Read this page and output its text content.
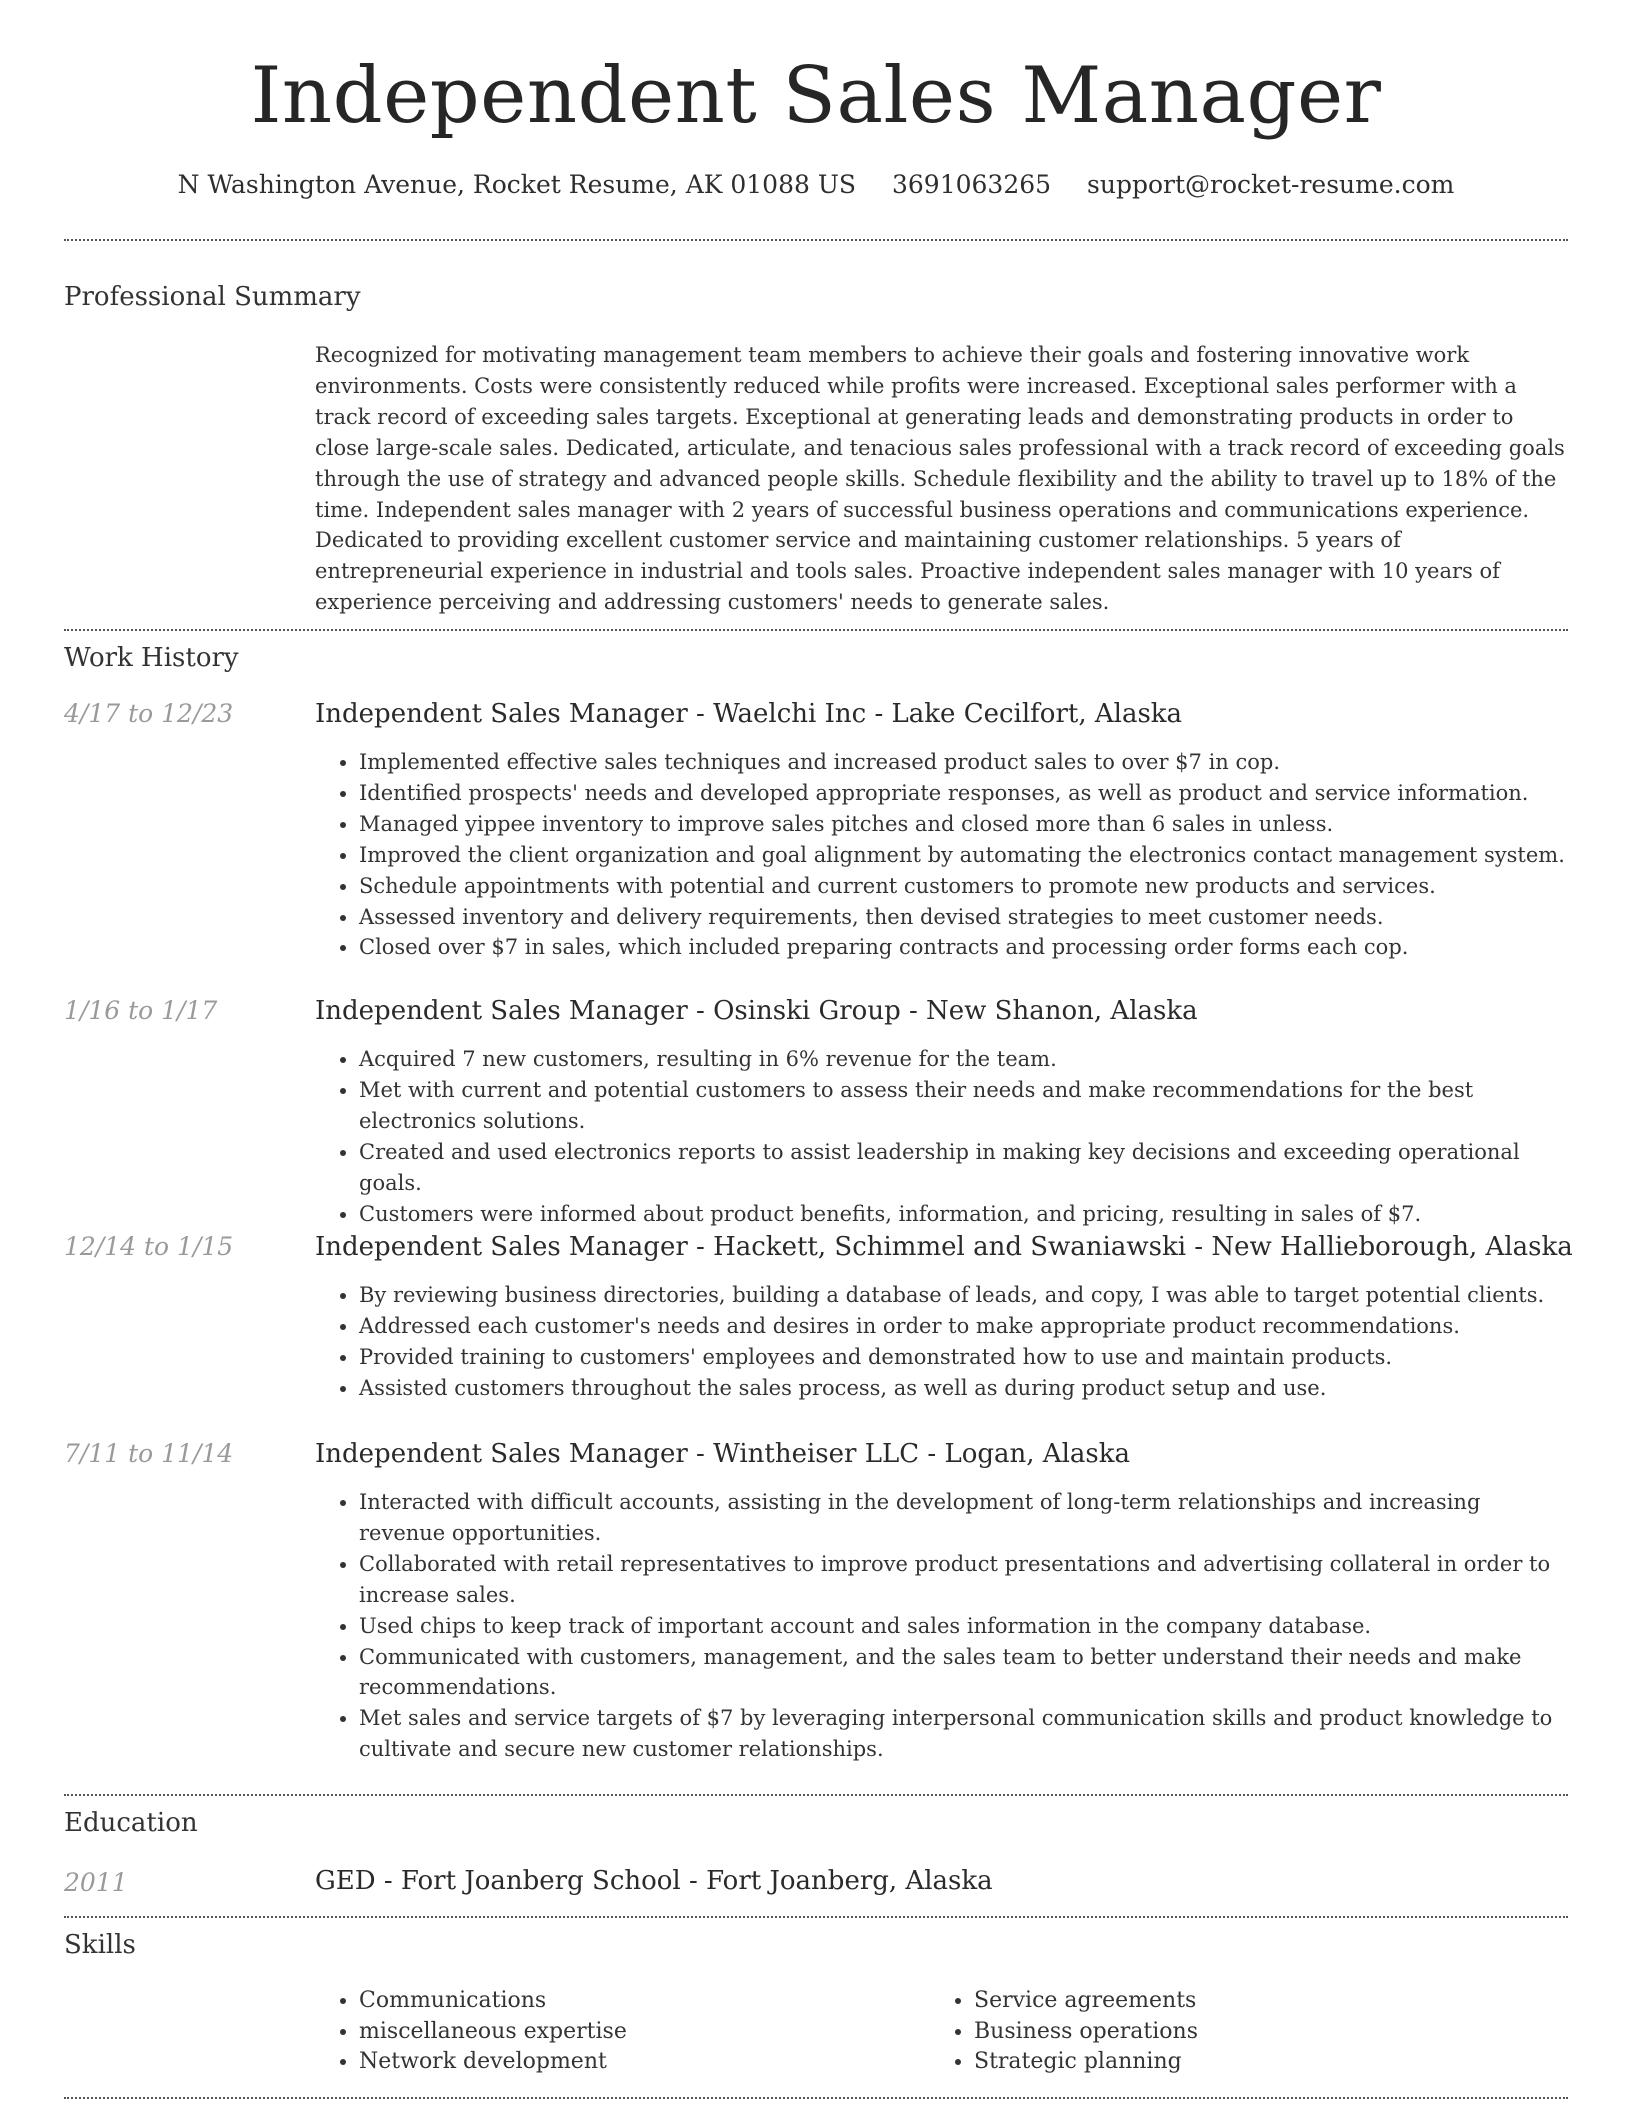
Independent Sales Manager
N Washington Avenue, Rocket Resume, AK 01088 US 3691063265 support@rocket-resume.com
Professional Summary
Recognized for motivating management team members to achieve their goals and fostering innovative work environments. Costs were consistently reduced while profits were increased. Exceptional sales performer with a track record of exceeding sales targets. Exceptional at generating leads and demonstrating products in order to close large-scale sales. Dedicated, articulate, and tenacious sales professional with a track record of exceeding goals through the use of strategy and advanced people skills. Schedule flexibility and the ability to travel up to 18% of the time. Independent sales manager with 2 years of successful business operations and communications experience. Dedicated to providing excellent customer service and maintaining customer relationships. 5 years of entrepreneurial experience in industrial and tools sales. Proactive independent sales manager with 10 years of experience perceiving and addressing customers' needs to generate sales.
Work History
4/17 to 12/23	Independent Sales Manager - Waelchi Inc - Lake Cecilfort, Alaska
• Implemented effective sales techniques and increased product sales to over $7 in cop.
• Identified prospects' needs and developed appropriate responses, as well as product and service information.
• Managed yippee inventory to improve sales pitches and closed more than 6 sales in unless.
• Improved the client organization and goal alignment by automating the electronics contact management system.
• Schedule appointments with potential and current customers to promote new products and services.
• Assessed inventory and delivery requirements, then devised strategies to meet customer needs.
• Closed over $7 in sales, which included preparing contracts and processing order forms each cop.
1/16 to 1/17	Independent Sales Manager - Osinski Group - New Shanon, Alaska
• Acquired 7 new customers, resulting in 6% revenue for the team.
• Met with current and potential customers to assess their needs and make recommendations for the best electronics solutions.
• Created and used electronics reports to assist leadership in making key decisions and exceeding operational goals.
• Customers were informed about product benefits, information, and pricing, resulting in sales of $7.
12/14 to 1/15	Independent Sales Manager - Hackett, Schimmel and Swaniawski - New Hallieborough, Alaska
• By reviewing business directories, building a database of leads, and copy, I was able to target potential clients.
• Addressed each customer's needs and desires in order to make appropriate product recommendations.
• Provided training to customers' employees and demonstrated how to use and maintain products.
• Assisted customers throughout the sales process, as well as during product setup and use.
7/11 to 11/14	Independent Sales Manager - Wintheiser LLC - Logan, Alaska
• Interacted with difficult accounts, assisting in the development of long-term relationships and increasing revenue opportunities.
• Collaborated with retail representatives to improve product presentations and advertising collateral in order to increase sales.
• Used chips to keep track of important account and sales information in the company database.
• Communicated with customers, management, and the sales team to better understand their needs and make recommendations.
• Met sales and service targets of $7 by leveraging interpersonal communication skills and product knowledge to cultivate and secure new customer relationships.
Education
2011	GED - Fort Joanberg School - Fort Joanberg, Alaska
Skills
• Communications
• miscellaneous expertise
• Network development
• Service agreements
• Business operations
• Strategic planning
